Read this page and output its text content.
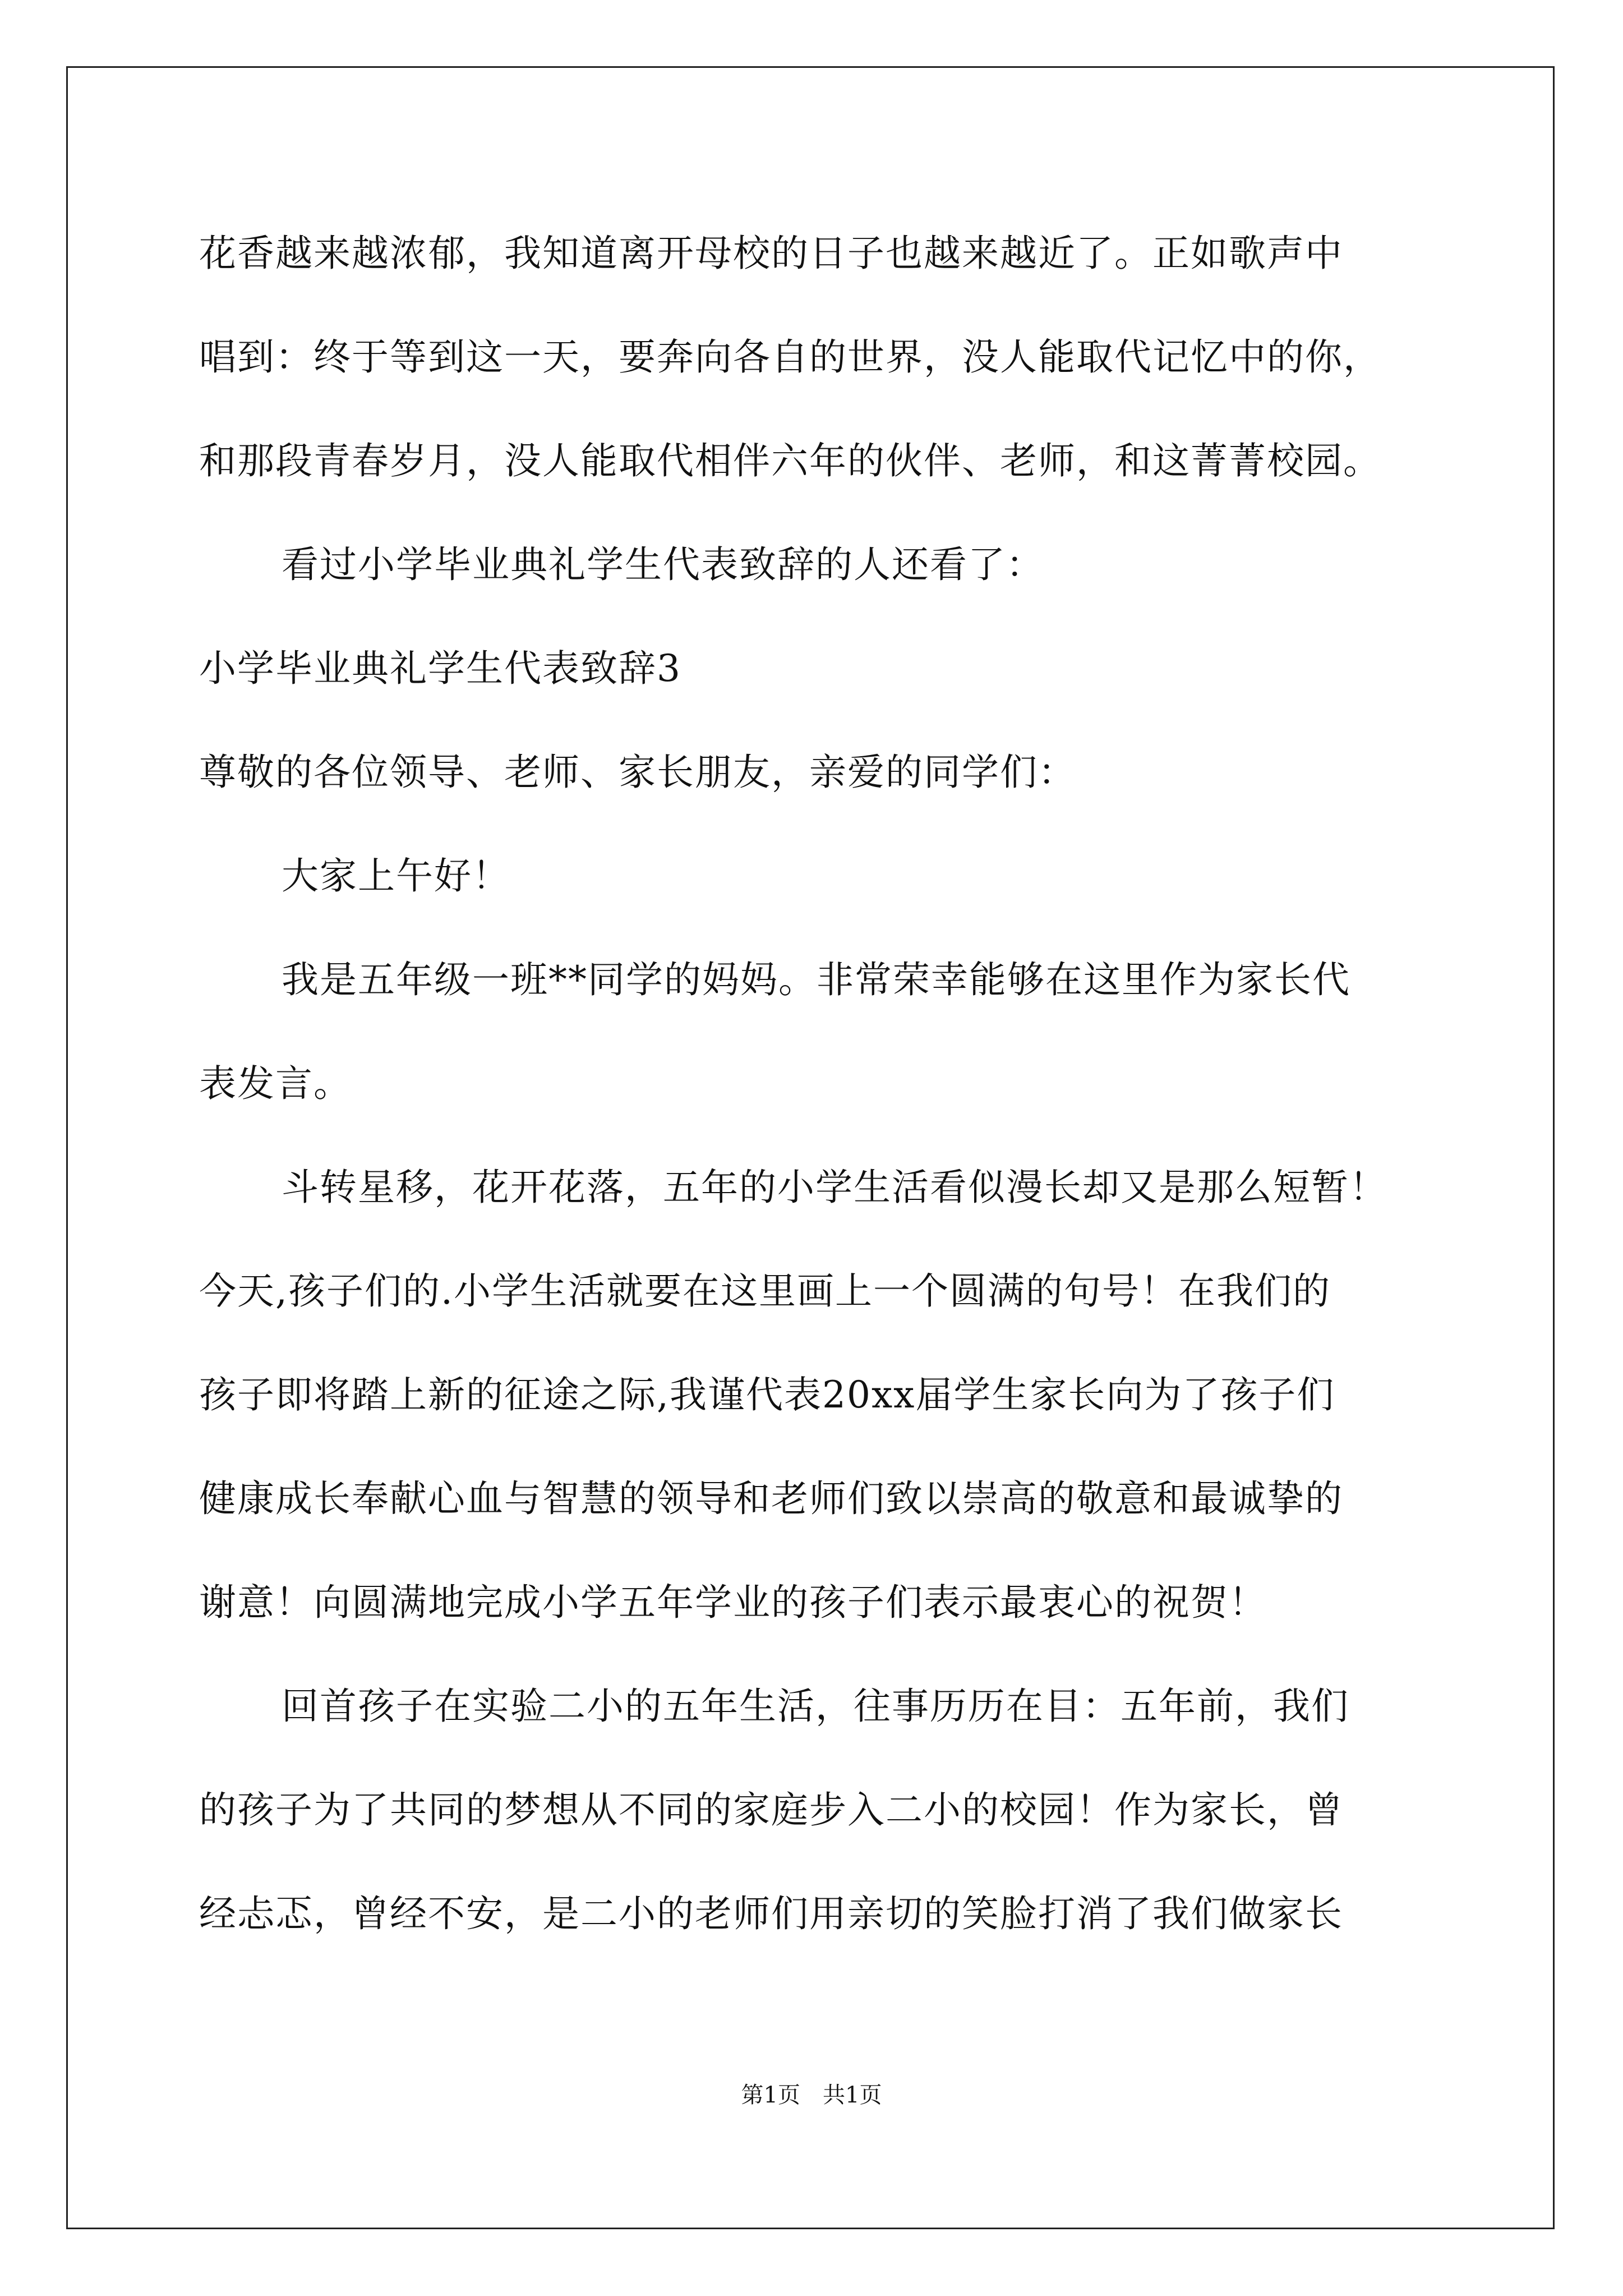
花香越来越浓郁，我知道离开母校的日子也越来越近了。正如歌声中
唱到：终于等到这一天，要奔向各自的世界，没人能取代记忆中的你，
和那段青春岁月，没人能取代相伴六年的伙伴、老师，和这菁菁校园。
看过小学毕业典礼学生代表致辞的人还看了：
小学毕业典礼学生代表致辞3
尊敬的各位领导、老师、家长朋友，亲爱的同学们：
大家上午好！
我是五年级一班**同学的妈妈。非常荣幸能够在这里作为家长代
表发言。
斗转星移，花开花落，五年的小学生活看似漫长却又是那么短暂！
今天,孩子们的.小学生活就要在这里画上一个圆满的句号！在我们的
孩子即将踏上新的征途之际,我谨代表20xx届学生家长向为了孩子们
健康成长奉献心血与智慧的领导和老师们致以崇高的敬意和最诚挚的
谢意！向圆满地完成小学五年学业的孩子们表示最衷心的祝贺！
回首孩子在实验二小的五年生活，往事历历在目：五年前，我们
的孩子为了共同的梦想从不同的家庭步入二小的校园！作为家长，曾
经忐忑，曾经不安，是二小的老师们用亲切的笑脸打消了我们做家长
第1页　共1页
